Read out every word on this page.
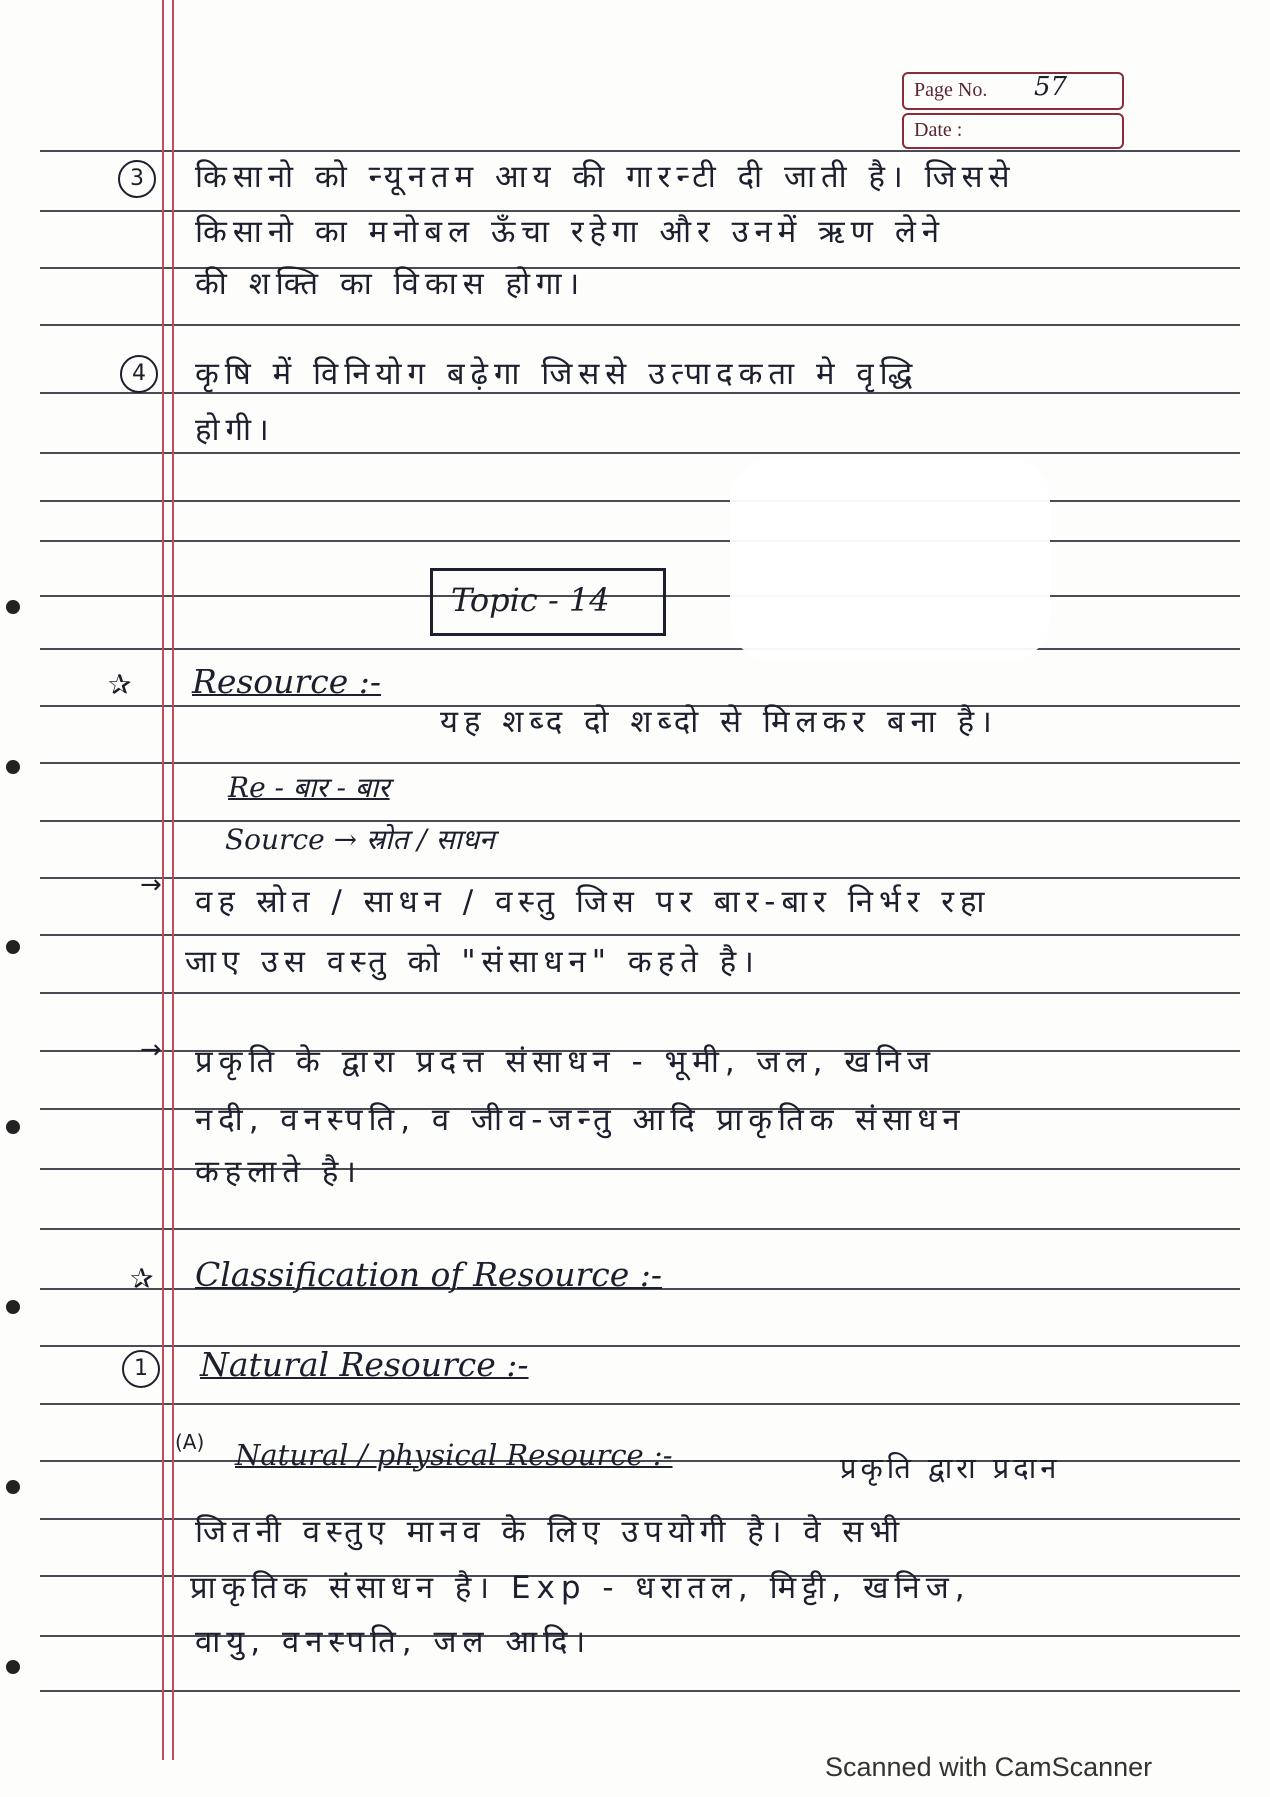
Page No. 57
Date :
3	किसानो को न्यूनतम आय की गारन्टी दी जाती है। जिससे
किसानो का मनोबल ऊँचा रहेगा और उनमें ऋण लेने
की शक्ति का विकास होगा।
4	कृषि में विनियोग बढ़ेगा जिससे उत्पादकता मे वृद्धि
होगी।
Topic - 14
✰ Resource :-
यह शब्द दो शब्दो से मिलकर बना है।
Re - बार - बार
Source → स्रोत / साधन
→ वह स्रोत / साधन / वस्तु जिस पर बार-बार निर्भर रहा
जाए उस वस्तु को "संसाधन" कहते है।
→ प्रकृति के द्वारा प्रदत्त संसाधन - भूमी, जल, खनिज
नदी, वनस्पति, व जीव-जन्तु आदि प्राकृतिक संसाधन
कहलाते है।
✰ Classification of Resource :-
1	Natural Resource :-
(A) Natural / physical Resource :-	प्रकृति द्वारा प्रदान
जितनी वस्तुए मानव के लिए उपयोगी है। वे सभी
प्राकृतिक संसाधन है। Exp - धरातल, मिट्टी, खनिज,
वायु, वनस्पति, जल आदि।
Scanned with CamScanner
